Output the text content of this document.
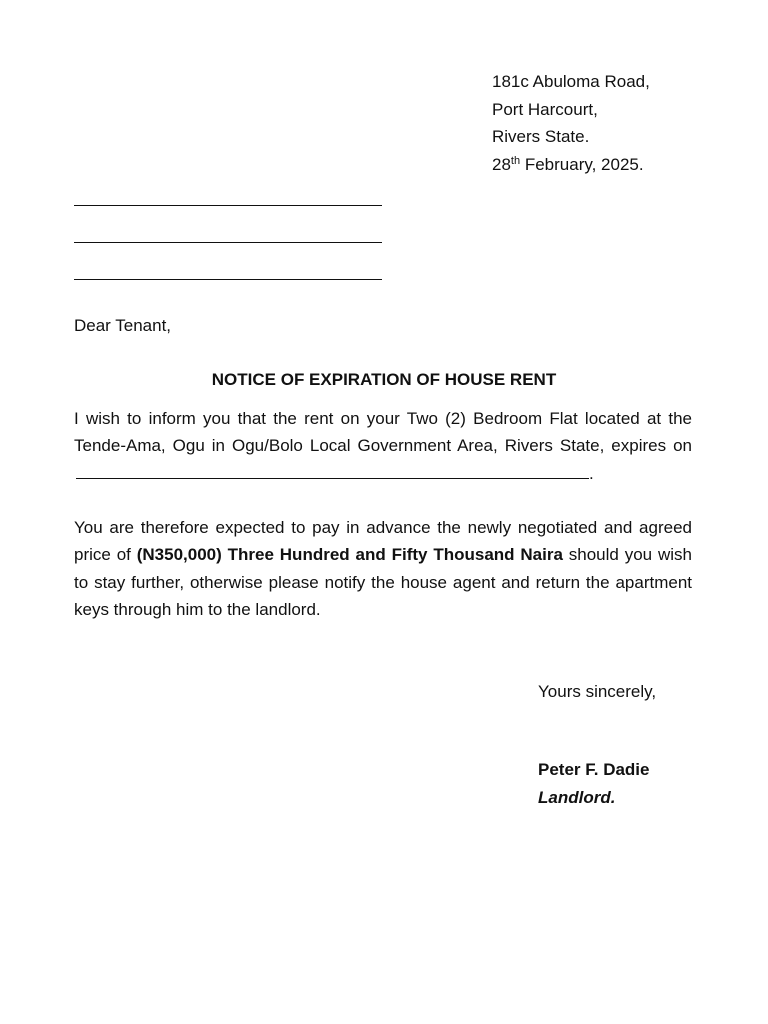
181c Abuloma Road,
Port Harcourt,
Rivers State.
28th February, 2025.
Dear Tenant,
NOTICE OF EXPIRATION OF HOUSE RENT
I wish to inform you that the rent on your Two (2) Bedroom Flat located at the Tende-Ama, Ogu in Ogu/Bolo Local Government Area, Rivers State, expires on .
You are therefore expected to pay in advance the newly negotiated and agreed price of (N350,000) Three Hundred and Fifty Thousand Naira should you wish to stay further, otherwise please notify the house agent and return the apartment keys through him to the landlord.
Yours sincerely,
Peter F. Dadie
Landlord.
